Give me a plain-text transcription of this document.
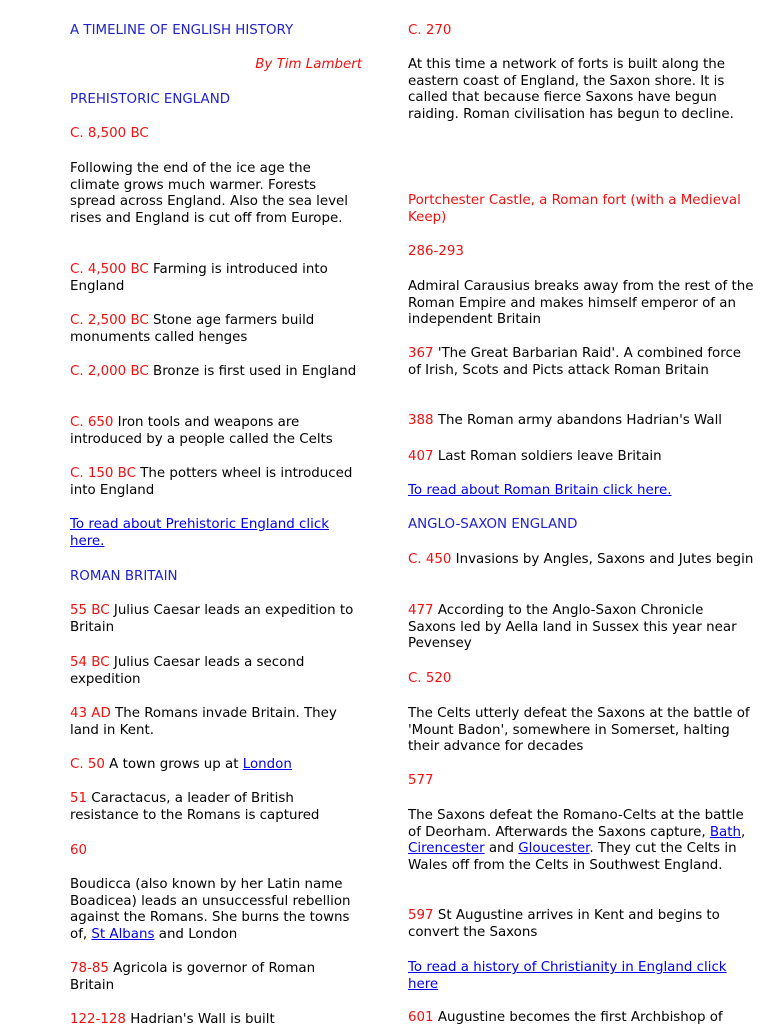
A TIMELINE OF ENGLISH HISTORY

By Tim Lambert

PREHISTORIC ENGLAND

C. 8,500 BC

Following the end of the ice age the climate grows much warmer. Forests spread across England. Also the sea level rises and England is cut off from Europe.

C. 4,500 BC Farming is introduced into England

C. 2,500 BC Stone age farmers build monuments called henges

C. 2,000 BC Bronze is first used in England

C. 650 Iron tools and weapons are introduced by a people called the Celts

C. 150 BC The potters wheel is introduced into England

To read about Prehistoric England click here.

ROMAN BRITAIN

55 BC Julius Caesar leads an expedition to Britain

54 BC Julius Caesar leads a second expedition

43 AD The Romans invade Britain. They land in Kent.

C. 50 A town grows up at London

51 Caractacus, a leader of British resistance to the Romans is captured

60

Boudicca (also known by her Latin name Boadicea) leads an unsuccessful rebellion against the Romans. She burns the towns of, St Albans and London

78-85 Agricola is governor of Roman Britain

122-128 Hadrian's Wall is built

C. 270

At this time a network of forts is built along the eastern coast of England, the Saxon shore. It is called that because fierce Saxons have begun raiding. Roman civilisation has begun to decline.

Portchester Castle, a Roman fort (with a Medieval Keep)

286-293

Admiral Carausius breaks away from the rest of the Roman Empire and makes himself emperor of an independent Britain

367 'The Great Barbarian Raid'. A combined force of Irish, Scots and Picts attack Roman Britain

388 The Roman army abandons Hadrian's Wall

407 Last Roman soldiers leave Britain

To read about Roman Britain click here.

ANGLO-SAXON ENGLAND

C. 450 Invasions by Angles, Saxons and Jutes begin

477 According to the Anglo-Saxon Chronicle Saxons led by Aella land in Sussex this year near Pevensey

C. 520

The Celts utterly defeat the Saxons at the battle of 'Mount Badon', somewhere in Somerset, halting their advance for decades

577

The Saxons defeat the Romano-Celts at the battle of Deorham. Afterwards the Saxons capture, Bath, Cirencester and Gloucester. They cut the Celts in Wales off from the Celts in Southwest England.

597 St Augustine arrives in Kent and begins to convert the Saxons

To read a history of Christianity in England click here

601 Augustine becomes the first Archbishop of
